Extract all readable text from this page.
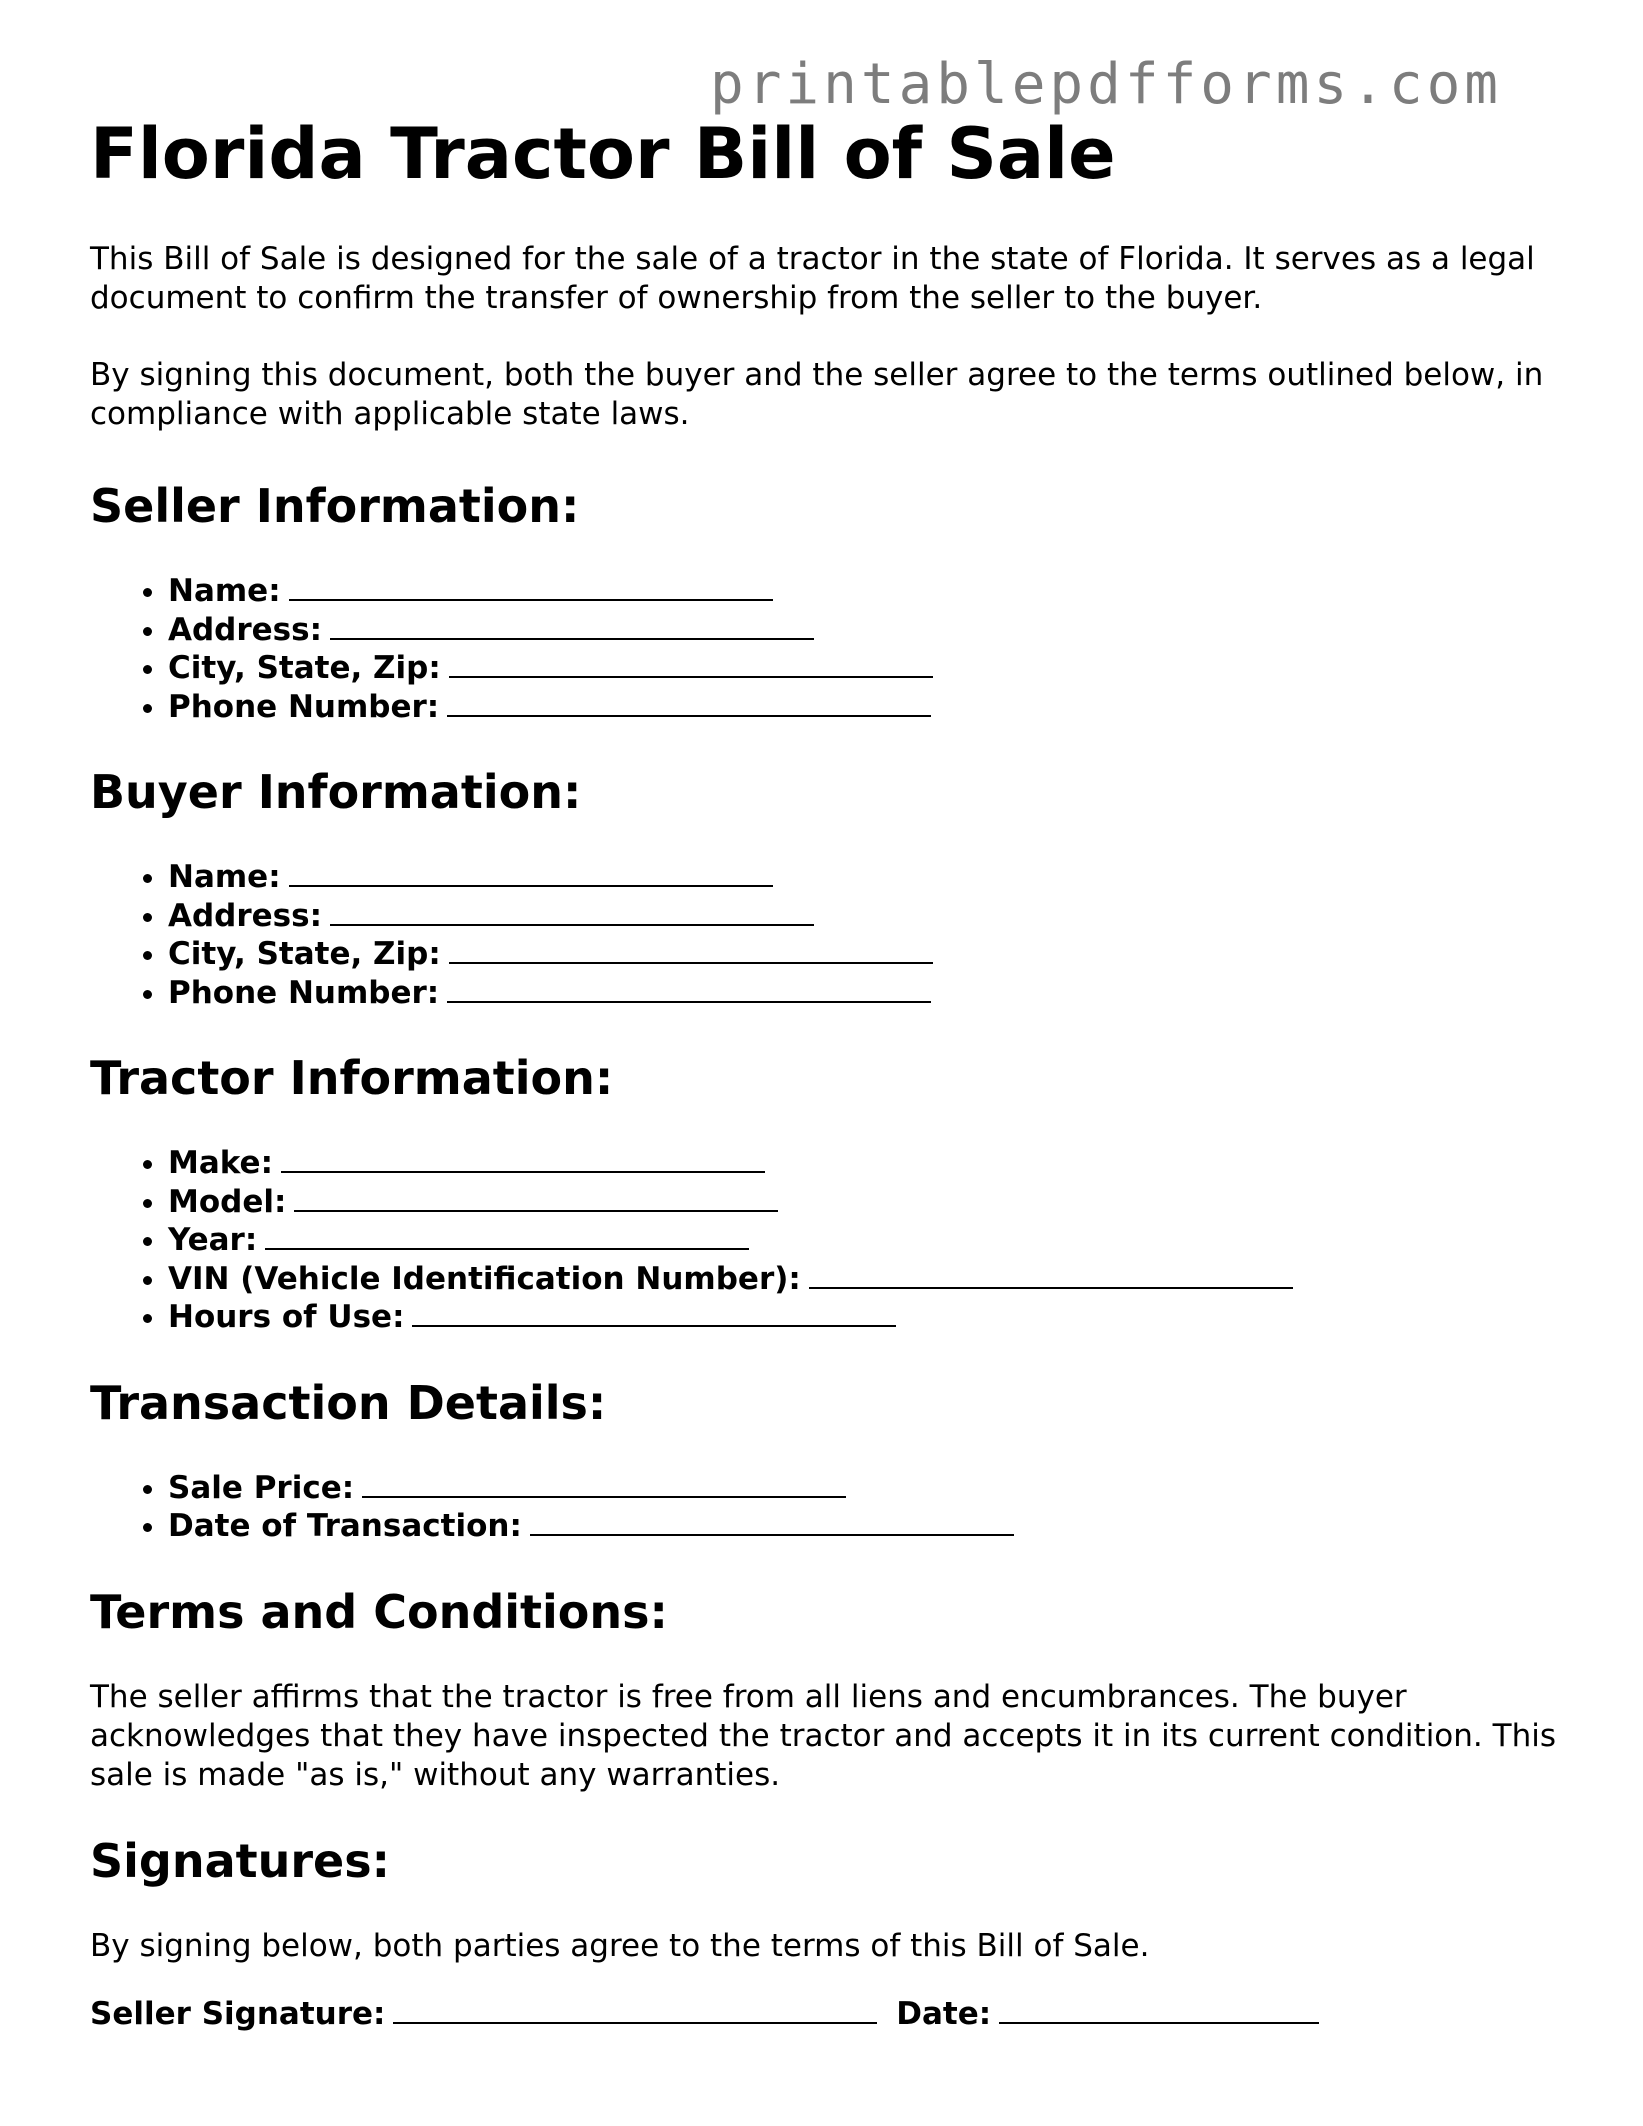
printablepdfforms.com
Florida Tractor Bill of Sale

This Bill of Sale is designed for the sale of a tractor in the state of Florida. It serves as a legal document to confirm the transfer of ownership from the seller to the buyer.

By signing this document, both the buyer and the seller agree to the terms outlined below, in compliance with applicable state laws.

Seller Information:
• Name:
• Address:
• City, State, Zip:
• Phone Number:
Buyer Information:
• Name:
• Address:
• City, State, Zip:
• Phone Number:
Tractor Information:
• Make:
• Model:
• Year:
• VIN (Vehicle Identification Number):
• Hours of Use:
Transaction Details:
• Sale Price:
• Date of Transaction:
Terms and Conditions:

The seller affirms that the tractor is free from all liens and encumbrances. The buyer acknowledges that they have inspected the tractor and accepts it in its current condition. This sale is made "as is," without any warranties.

Signatures:

By signing below, both parties agree to the terms of this Bill of Sale.

Seller Signature:	Date:
